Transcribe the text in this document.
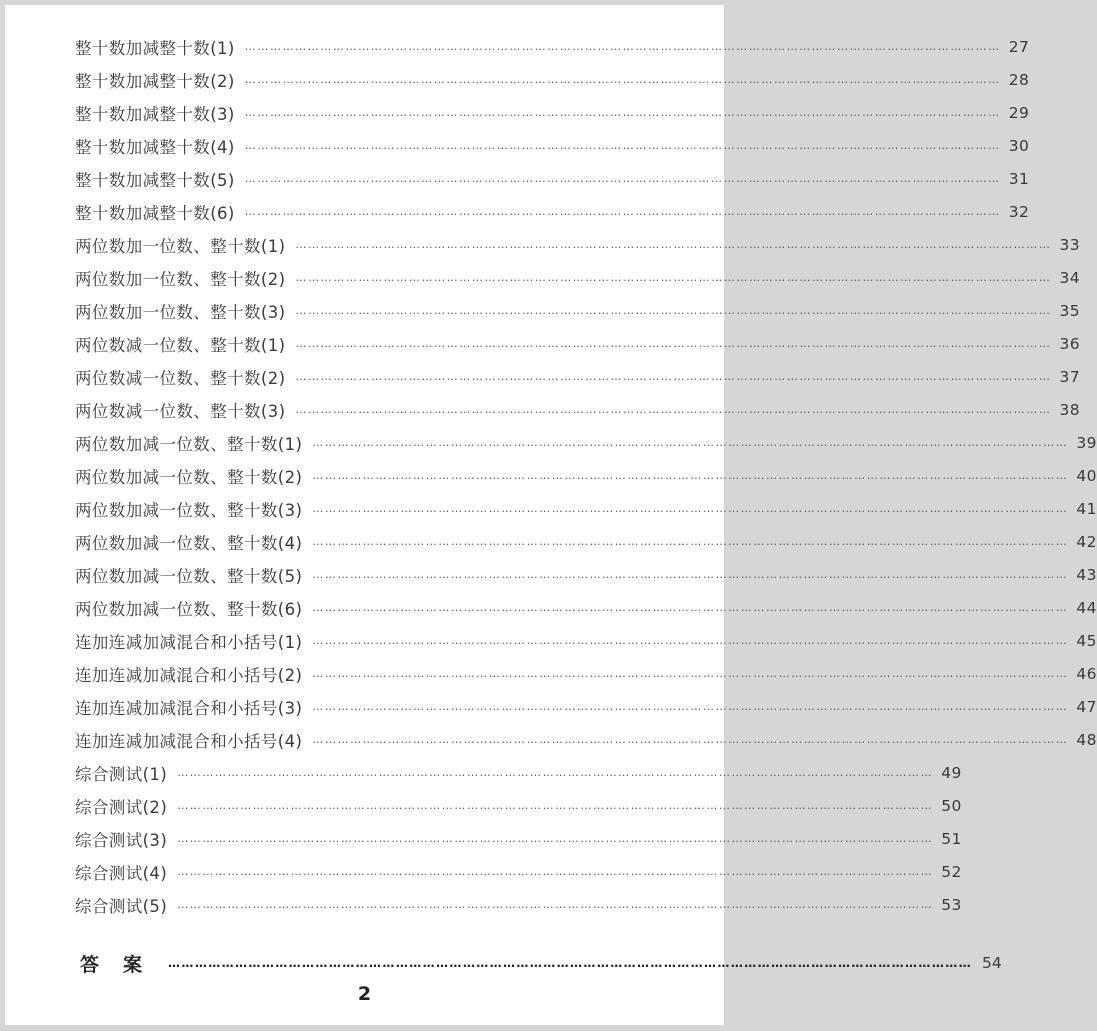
整十数加减整十数(1) ……………………………………………………………………………………………………………………………………………………………… 27
整十数加减整十数(2) ……………………………………………………………………………………………………………………………………………………………… 28
整十数加减整十数(3) ……………………………………………………………………………………………………………………………………………………………… 29
整十数加减整十数(4) ……………………………………………………………………………………………………………………………………………………………… 30
整十数加减整十数(5) ……………………………………………………………………………………………………………………………………………………………… 31
整十数加减整十数(6) ……………………………………………………………………………………………………………………………………………………………… 32
两位数加一位数、整十数(1) ……………………………………………………………………………………………………………………………………………………………… 33
两位数加一位数、整十数(2) ……………………………………………………………………………………………………………………………………………………………… 34
两位数加一位数、整十数(3) ……………………………………………………………………………………………………………………………………………………………… 35
两位数减一位数、整十数(1) ……………………………………………………………………………………………………………………………………………………………… 36
两位数减一位数、整十数(2) ……………………………………………………………………………………………………………………………………………………………… 37
两位数减一位数、整十数(3) ……………………………………………………………………………………………………………………………………………………………… 38
两位数加减一位数、整十数(1) ……………………………………………………………………………………………………………………………………………………………… 39
两位数加减一位数、整十数(2) ……………………………………………………………………………………………………………………………………………………………… 40
两位数加减一位数、整十数(3) ……………………………………………………………………………………………………………………………………………………………… 41
两位数加减一位数、整十数(4) ……………………………………………………………………………………………………………………………………………………………… 42
两位数加减一位数、整十数(5) ……………………………………………………………………………………………………………………………………………………………… 43
两位数加减一位数、整十数(6) ……………………………………………………………………………………………………………………………………………………………… 44
连加连减加减混合和小括号(1) ……………………………………………………………………………………………………………………………………………………………… 45
连加连减加减混合和小括号(2) ……………………………………………………………………………………………………………………………………………………………… 46
连加连减加减混合和小括号(3) ……………………………………………………………………………………………………………………………………………………………… 47
连加连减加减混合和小括号(4) ……………………………………………………………………………………………………………………………………………………………… 48
综合测试(1) ……………………………………………………………………………………………………………………………………………………………… 49
综合测试(2) ……………………………………………………………………………………………………………………………………………………………… 50
综合测试(3) ……………………………………………………………………………………………………………………………………………………………… 51
综合测试(4) ……………………………………………………………………………………………………………………………………………………………… 52
综合测试(5) ……………………………………………………………………………………………………………………………………………………………… 53
答案 ……………………………………………………………………………………………………………………………………………………………… 54
2
